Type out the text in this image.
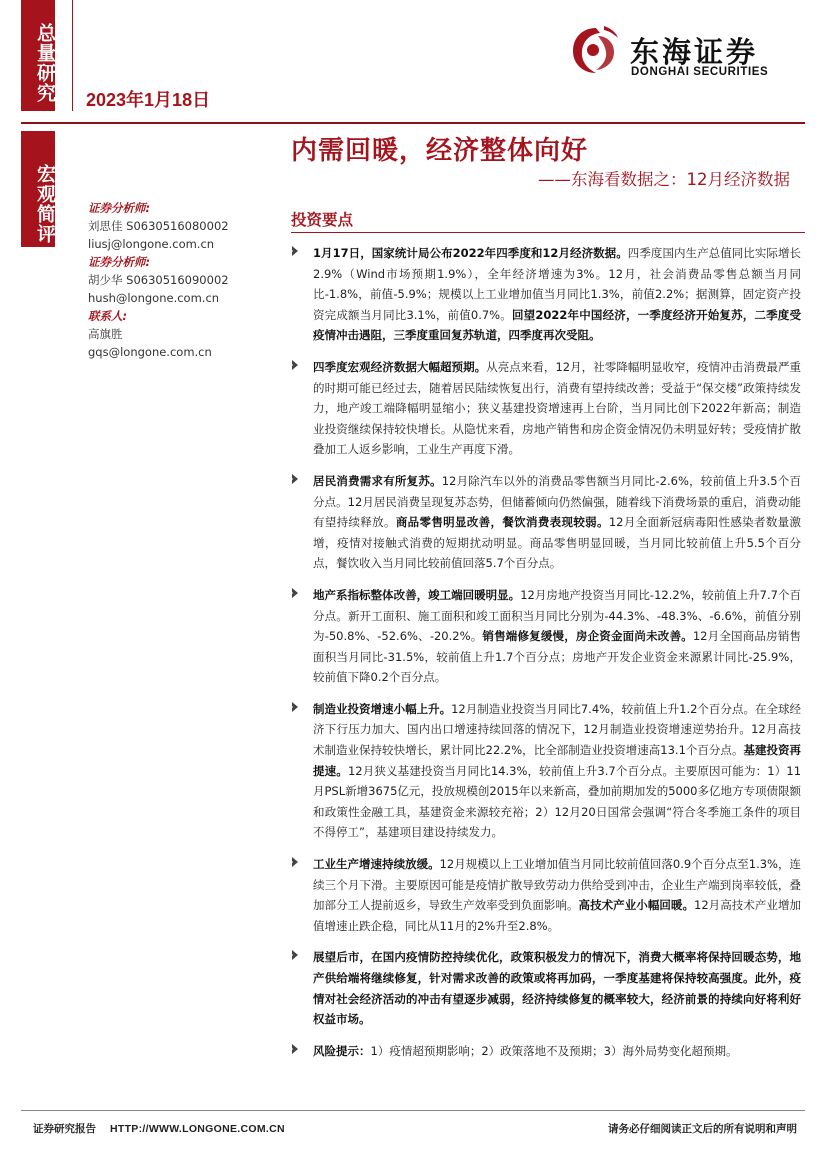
总量研究 2023年1月18日
东海证券
DONGHAI SECURITIES
宏观简评
内需回暖，经济整体向好
——东海看数据之：12月经济数据
证券分析师:
刘思佳 S0630516080002
liusj@longone.com.cn
证券分析师:
胡少华 S0630516090002
hush@longone.com.cn
联系人:
高旗胜
gqs@longone.com.cn
投资要点
1月17日，国家统计局公布2022年四季度和12月经济数据。四季度国内生产总值同比实际增长2.9%（Wind市场预期1.9%），全年经济增速为3%。12月，社会消费品零售总额当月同比-1.8%，前值-5.9%；规模以上工业增加值当月同比1.3%，前值2.2%；据测算，固定资产投资完成额当月同比3.1%，前值0.7%。回望2022年中国经济，一季度经济开始复苏，二季度受疫情冲击遇阻，三季度重回复苏轨道，四季度再次受阻。
四季度宏观经济数据大幅超预期。从亮点来看，12月，社零降幅明显收窄，疫情冲击消费最严重的时期可能已经过去，随着居民陆续恢复出行，消费有望持续改善；受益于“保交楼”政策持续发力，地产竣工端降幅明显缩小；狭义基建投资增速再上台阶，当月同比创下2022年新高；制造业投资继续保持较快增长。从隐忧来看，房地产销售和房企资金情况仍未明显好转；受疫情扩散叠加工人返乡影响，工业生产再度下滑。
居民消费需求有所复苏。12月除汽车以外的消费品零售额当月同比-2.6%，较前值上升3.5个百分点。12月居民消费呈现复苏态势，但储蓄倾向仍然偏强，随着线下消费场景的重启，消费动能有望持续释放。商品零售明显改善，餐饮消费表现较弱。12月全面新冠病毒阳性感染者数量激增，疫情对接触式消费的短期扰动明显。商品零售明显回暖，当月同比较前值上升5.5个百分点，餐饮收入当月同比较前值回落5.7个百分点。
地产系指标整体改善，竣工端回暖明显。12月房地产投资当月同比-12.2%，较前值上升7.7个百分点。新开工面积、施工面积和竣工面积当月同比分别为-44.3%、-48.3%、-6.6%，前值分别为-50.8%、-52.6%、-20.2%。销售端修复缓慢，房企资金面尚未改善。12月全国商品房销售面积当月同比-31.5%，较前值上升1.7个百分点；房地产开发企业资金来源累计同比-25.9%，较前值下降0.2个百分点。
制造业投资增速小幅上升。12月制造业投资当月同比7.4%，较前值上升1.2个百分点。在全球经济下行压力加大、国内出口增速持续回落的情况下，12月制造业投资增速逆势抬升。12月高技术制造业保持较快增长，累计同比22.2%，比全部制造业投资增速高13.1个百分点。基建投资再提速。12月狭义基建投资当月同比14.3%，较前值上升3.7个百分点。主要原因可能为：1）11月PSL新增3675亿元，投放规模创2015年以来新高，叠加前期加发的5000多亿地方专项债限额和政策性金融工具，基建资金来源较充裕；2）12月20日国常会强调“符合冬季施工条件的项目不得停工”，基建项目建设持续发力。
工业生产增速持续放缓。12月规模以上工业增加值当月同比较前值回落0.9个百分点至1.3%，连续三个月下滑。主要原因可能是疫情扩散导致劳动力供给受到冲击，企业生产端到岗率较低，叠加部分工人提前返乡，导致生产效率受到负面影响。高技术产业小幅回暖。12月高技术产业增加值增速止跌企稳，同比从11月的2%升至2.8%。
展望后市，在国内疫情防控持续优化，政策积极发力的情况下，消费大概率将保持回暖态势，地产供给端将继续修复，针对需求改善的政策或将再加码，一季度基建将保持较高强度。此外，疫情对社会经济活动的冲击有望逐步减弱，经济持续修复的概率较大，经济前景的持续向好将利好权益市场。
风险提示：1）疫情超预期影响；2）政策落地不及预期；3）海外局势变化超预期。
证券研究报告 HTTP://WWW.LONGONE.COM.CN	请务必仔细阅读正文后的所有说明和声明
